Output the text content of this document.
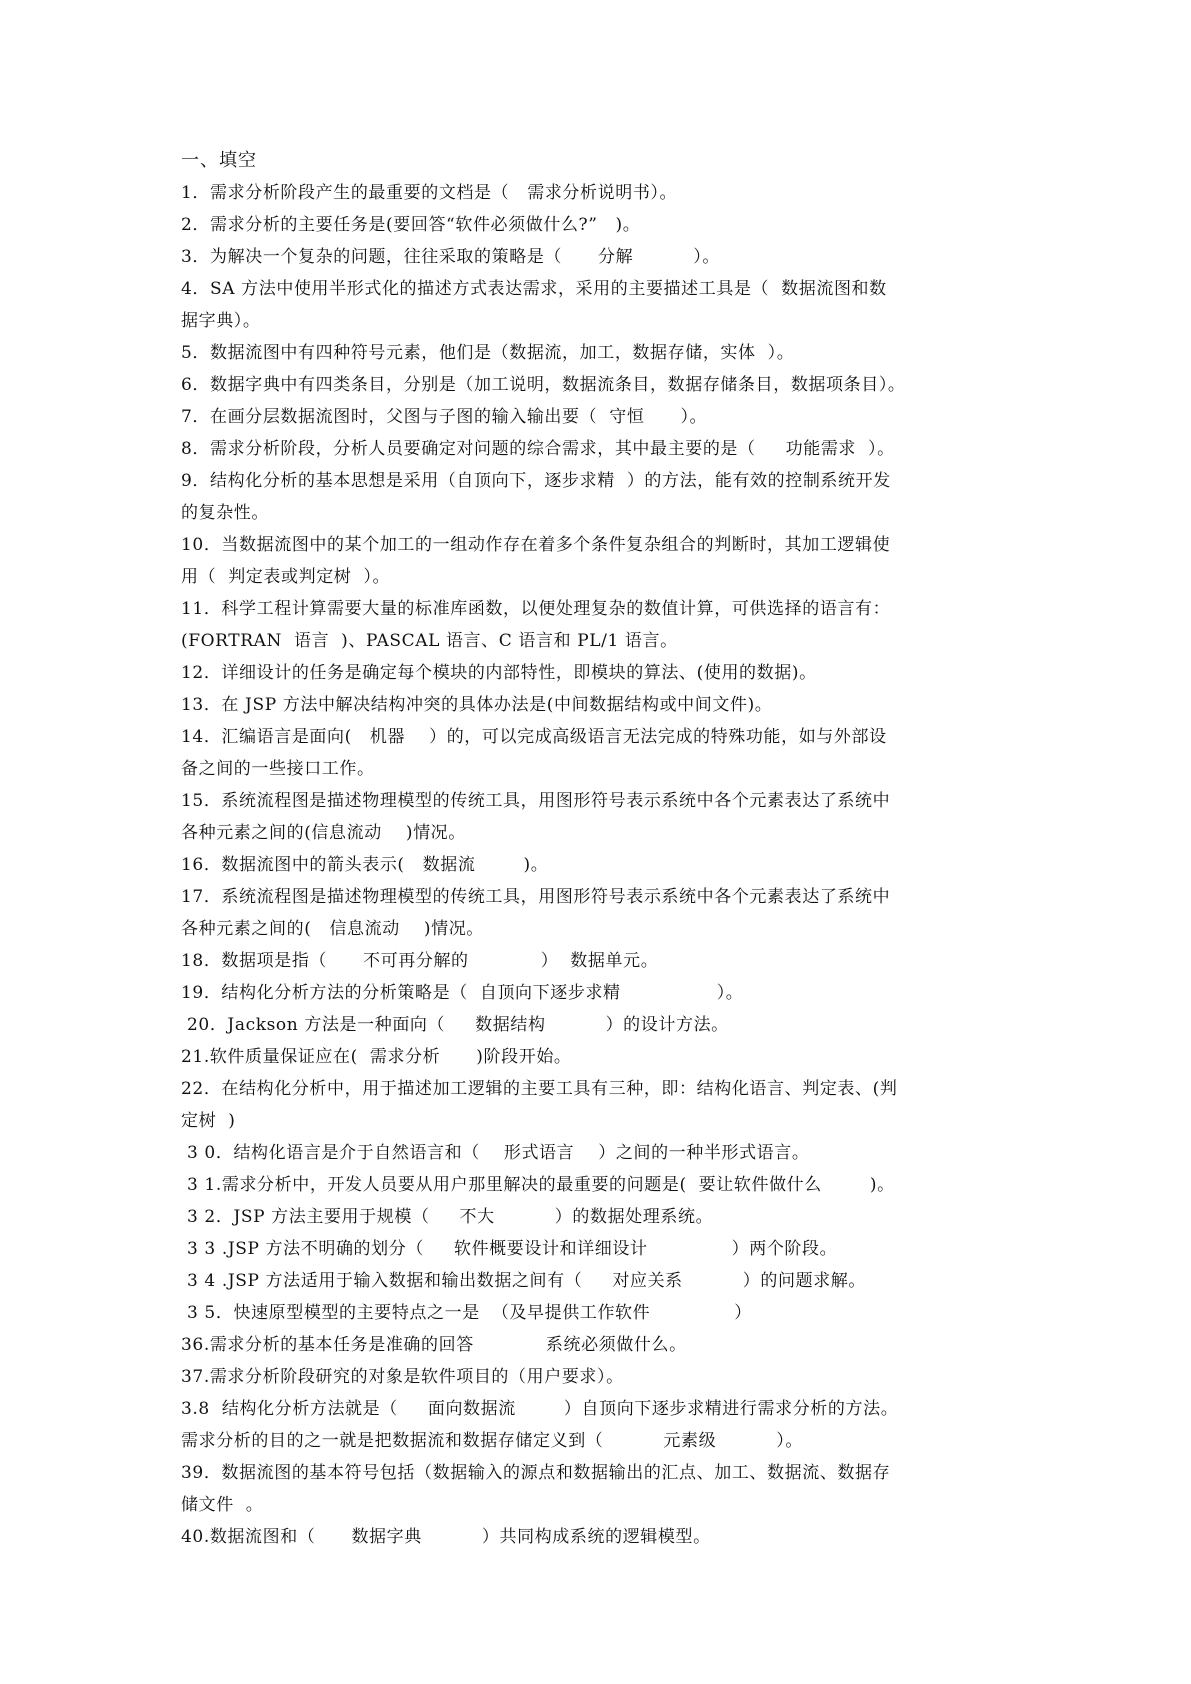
一、填空
1．需求分析阶段产生的最重要的文档是（   需求分析说明书）。
2．需求分析的主要任务是(要回答“软件必须做什么?”   )。
3．为解决一个复杂的问题，往往采取的策略是（      分解          ）。
4．SA 方法中使用半形式化的描述方式表达需求，采用的主要描述工具是（  数据流图和数
据字典）。
5．数据流图中有四种符号元素，他们是（数据流，加工，数据存储，实体  ）。
6．数据字典中有四类条目，分别是（加工说明，数据流条目，数据存储条目，数据项条目）。
7．在画分层数据流图时，父图与子图的输入输出要（  守恒      ）。
8．需求分析阶段，分析人员要确定对问题的综合需求，其中最主要的是（     功能需求  ）。
9．结构化分析的基本思想是采用（自顶向下，逐步求精  ）的方法，能有效的控制系统开发
的复杂性。
10．当数据流图中的某个加工的一组动作存在着多个条件复杂组合的判断时，其加工逻辑使
用（  判定表或判定树  ）。
11．科学工程计算需要大量的标准库函数，以便处理复杂的数值计算，可供选择的语言有：
(FORTRAN  语言  )、PASCAL 语言、C 语言和 PL/1 语言。
12．详细设计的任务是确定每个模块的内部特性，即模块的算法、(使用的数据)。
13．在 JSP 方法中解决结构冲突的具体办法是(中间数据结构或中间文件)。
14．汇编语言是面向(   机器    ）的，可以完成高级语言无法完成的特殊功能，如与外部设
备之间的一些接口工作。
15．系统流程图是描述物理模型的传统工具，用图形符号表示系统中各个元素表达了系统中
各种元素之间的(信息流动    )情况。
16．数据流图中的箭头表示(   数据流        )。
17．系统流程图是描述物理模型的传统工具，用图形符号表示系统中各个元素表达了系统中
各种元素之间的(   信息流动    )情况。
18．数据项是指（      不可再分解的            ）  数据单元。
19．结构化分析方法的分析策略是（  自顶向下逐步求精                ）。
20．Jackson 方法是一种面向（     数据结构          ）的设计方法。
21.软件质量保证应在(  需求分析      )阶段开始。
22．在结构化分析中，用于描述加工逻辑的主要工具有三种，即：结构化语言、判定表、(判
定树  )
3 0．结构化语言是介于自然语言和（    形式语言    ）之间的一种半形式语言。
3 1.需求分析中，开发人员要从用户那里解决的最重要的问题是(  要让软件做什么        )。
3 2．JSP 方法主要用于规模（     不大          ）的数据处理系统。
3 3 .JSP 方法不明确的划分（     软件概要设计和详细设计              ）两个阶段。
3 4 .JSP 方法适用于输入数据和输出数据之间有（     对应关系          ）的问题求解。
3 5．快速原型模型的主要特点之一是  （及早提供工作软件              ）
36.需求分析的基本任务是准确的回答            系统必须做什么。
37.需求分析阶段研究的对象是软件项目的（用户要求）。
3.8  结构化分析方法就是（     面向数据流        ）自顶向下逐步求精进行需求分析的方法。
需求分析的目的之一就是把数据流和数据存储定义到（          元素级          ）。
39．数据流图的基本符号包括（数据输入的源点和数据输出的汇点、加工、数据流、数据存
储文件  。
40.数据流图和（      数据字典          ）共同构成系统的逻辑模型。
